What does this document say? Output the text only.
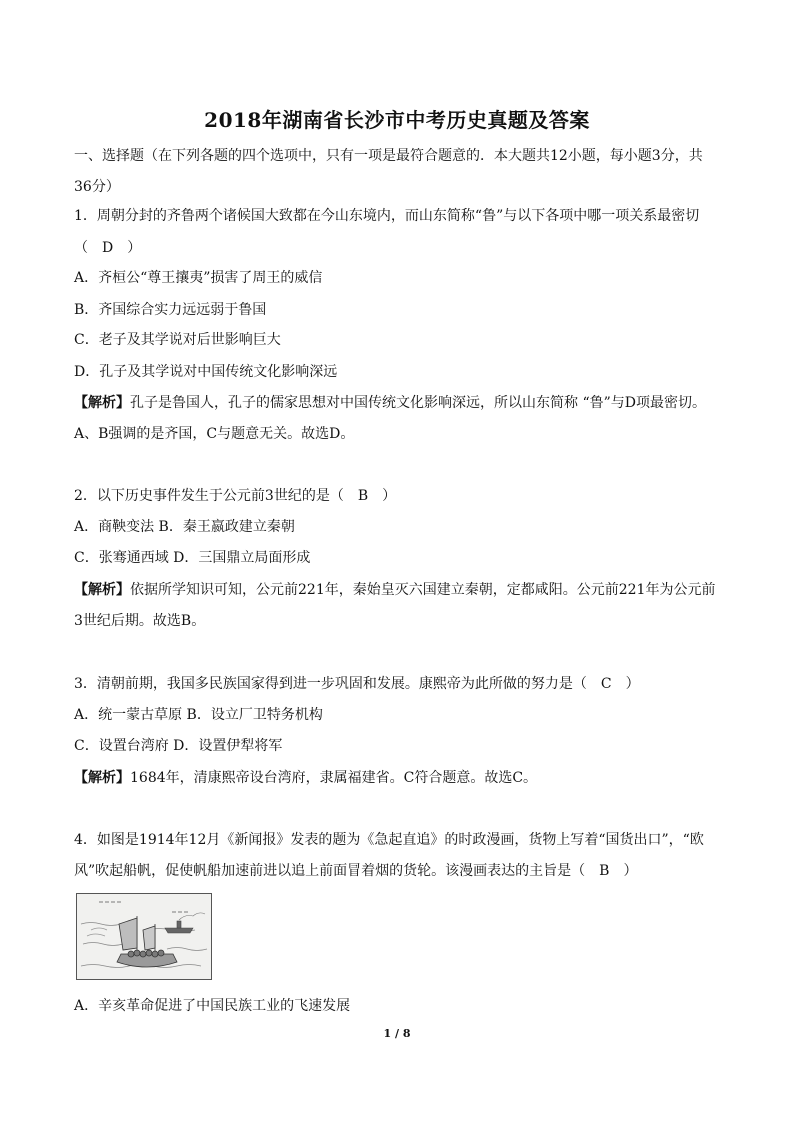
2018年湖南省长沙市中考历史真题及答案
一、选择题（在下列各题的四个选项中，只有一项是最符合题意的．本大题共12小题，每小题3分，共
36分）
1．周朝分封的齐鲁两个诸候国大致都在今山东境内，而山东简称“鲁”与以下各项中哪一项关系最密切
（　D　）
A．齐桓公“尊王攘夷”损害了周王的威信
B．齐国综合实力远远弱于鲁国
C．老子及其学说对后世影响巨大
D．孔子及其学说对中国传统文化影响深远
【解析】孔子是鲁国人，孔子的儒家思想对中国传统文化影响深远，所以山东简称 “鲁”与D项最密切。
A、B强调的是齐国，C与题意无关。故选D。
2．以下历史事件发生于公元前3世纪的是（　B　）
A．商鞅变法 B．秦王嬴政建立秦朝
C．张骞通西域 D．三国鼎立局面形成
【解析】依据所学知识可知，公元前221年，秦始皇灭六国建立秦朝，定都咸阳。公元前221年为公元前
3世纪后期。故选B。
3．清朝前期，我国多民族国家得到进一步巩固和发展。康熙帝为此所做的努力是（　C　）
A．统一蒙古草原 B．设立厂卫特务机构
C．设置台湾府 D．设置伊犁将军
【解析】1684年，清康熙帝设台湾府，隶属福建省。C符合题意。故选C。
4．如图是1914年12月《新闻报》发表的题为《急起直追》的时政漫画，货物上写着“国货出口”，“欧
风”吹起船帆，促使帆船加速前进以追上前面冒着烟的货轮。该漫画表达的主旨是（　B　）
A．辛亥革命促进了中国民族工业的飞速发展
1 / 8
